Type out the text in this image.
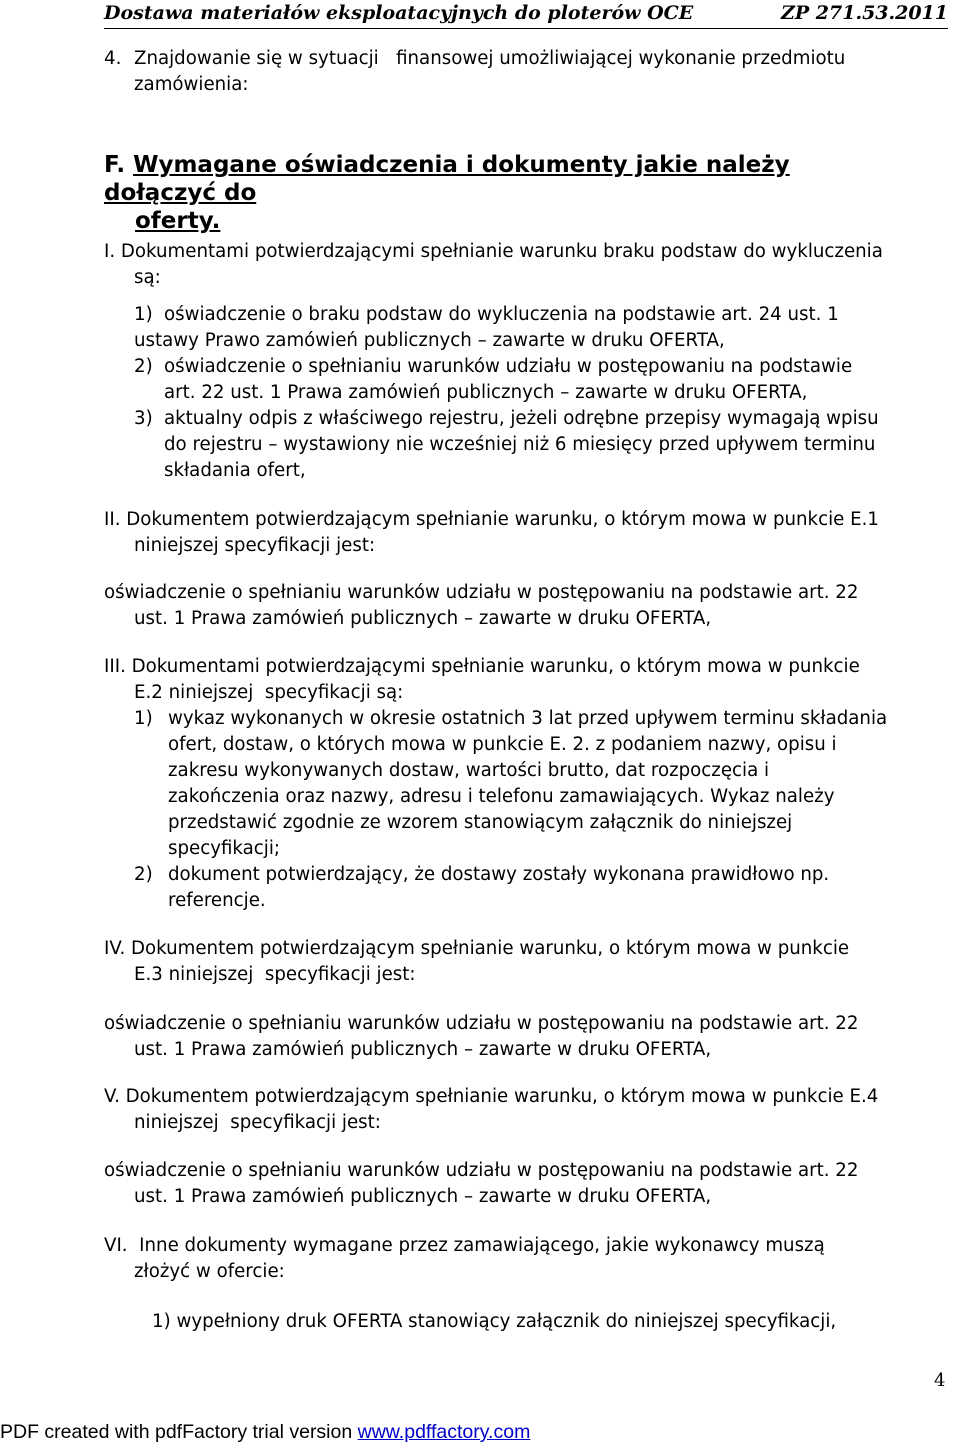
Dostawa materiałów eksploatacyjnych do ploterów OCE	ZP 271.53.2011
4. Znajdowanie się w sytuacji   finansowej umożliwiającej wykonanie przedmiotu
zamówienia:
F. Wymagane oświadczenia i dokumenty jakie należy dołączyć do
oferty.
I. Dokumentami potwierdzającymi spełnianie warunku braku podstaw do wykluczenia
są:
1) oświadczenie o braku podstaw do wykluczenia na podstawie art. 24 ust. 1
ustawy Prawo zamówień publicznych – zawarte w druku OFERTA,
2) oświadczenie o spełnianiu warunków udziału w postępowaniu na podstawie
art. 22 ust. 1 Prawa zamówień publicznych – zawarte w druku OFERTA,
3) aktualny odpis z właściwego rejestru, jeżeli odrębne przepisy wymagają wpisu
do rejestru – wystawiony nie wcześniej niż 6 miesięcy przed upływem terminu
składania ofert,
II. Dokumentem potwierdzającym spełnianie warunku, o którym mowa w punkcie E.1
niniejszej specyfikacji jest:
oświadczenie o spełnianiu warunków udziału w postępowaniu na podstawie art. 22
ust. 1 Prawa zamówień publicznych – zawarte w druku OFERTA,
III. Dokumentami potwierdzającymi spełnianie warunku, o którym mowa w punkcie
E.2 niniejszej  specyfikacji są:
1) wykaz wykonanych w okresie ostatnich 3 lat przed upływem terminu składania
ofert, dostaw, o których mowa w punkcie E. 2. z podaniem nazwy, opisu i
zakresu wykonywanych dostaw, wartości brutto, dat rozpoczęcia i
zakończenia oraz nazwy, adresu i telefonu zamawiających. Wykaz należy
przedstawić zgodnie ze wzorem stanowiącym załącznik do niniejszej
specyfikacji;
2) dokument potwierdzający, że dostawy zostały wykonana prawidłowo np.
referencje.
IV. Dokumentem potwierdzającym spełnianie warunku, o którym mowa w punkcie
E.3 niniejszej  specyfikacji jest:
oświadczenie o spełnianiu warunków udziału w postępowaniu na podstawie art. 22
ust. 1 Prawa zamówień publicznych – zawarte w druku OFERTA,
V. Dokumentem potwierdzającym spełnianie warunku, o którym mowa w punkcie E.4
niniejszej  specyfikacji jest:
oświadczenie o spełnianiu warunków udziału w postępowaniu na podstawie art. 22
ust. 1 Prawa zamówień publicznych – zawarte w druku OFERTA,
VI.  Inne dokumenty wymagane przez zamawiającego, jakie wykonawcy muszą
złożyć w ofercie:
1) wypełniony druk OFERTA stanowiący załącznik do niniejszej specyfikacji,
4
PDF created with pdfFactory trial version www.pdffactory.com
